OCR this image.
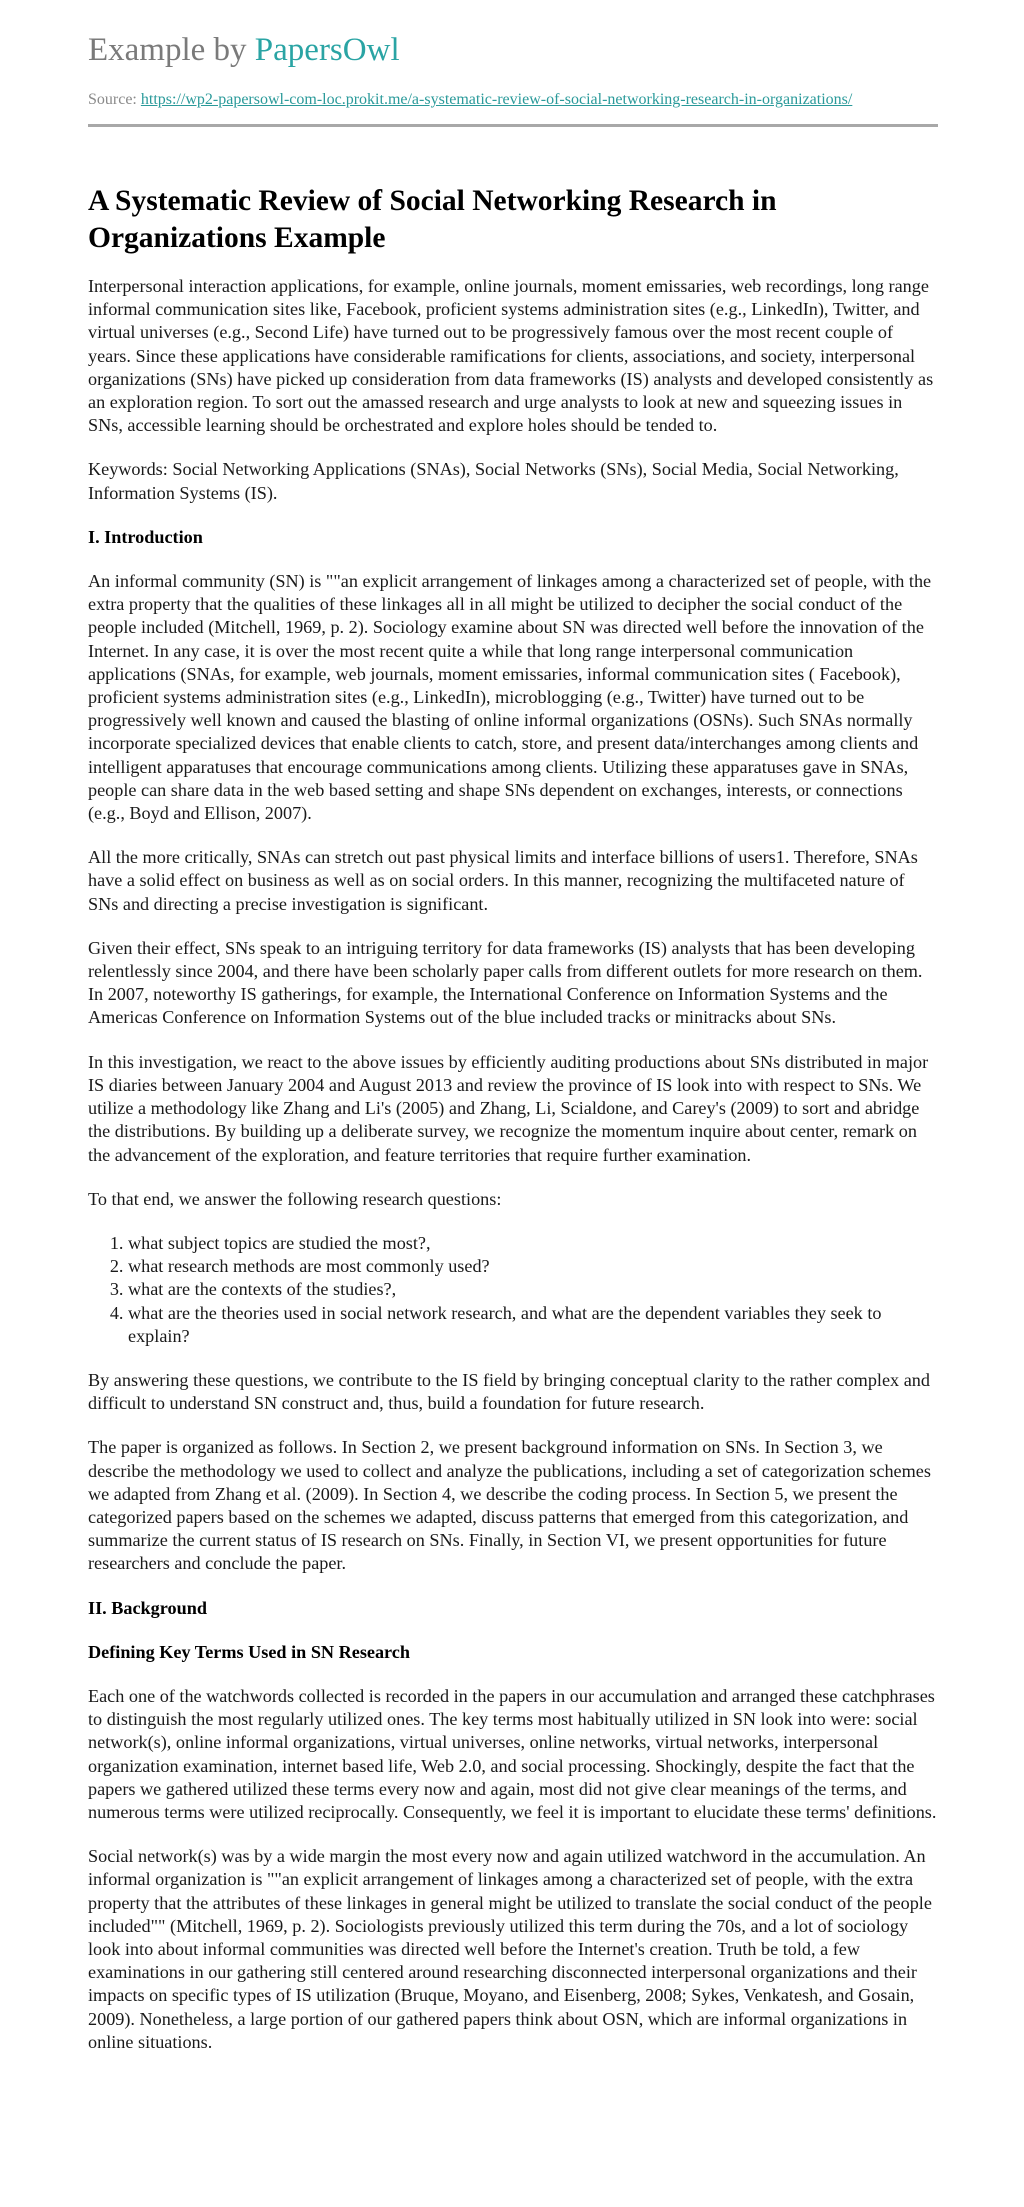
Example by PapersOwl
Source: https://wp2-papersowl-com-loc.prokit.me/a-systematic-review-of-social-networking-research-in-organizations/
A Systematic Review of Social Networking Research in Organizations Example

Interpersonal interaction applications, for example, online journals, moment emissaries, web recordings, long range informal communication sites like, Facebook, proficient systems administration sites (e.g., LinkedIn), Twitter, and virtual universes (e.g., Second Life) have turned out to be progressively famous over the most recent couple of years. Since these applications have considerable ramifications for clients, associations, and society, interpersonal organizations (SNs) have picked up consideration from data frameworks (IS) analysts and developed consistently as an exploration region. To sort out the amassed research and urge analysts to look at new and squeezing issues in SNs, accessible learning should be orchestrated and explore holes should be tended to.

Keywords: Social Networking Applications (SNAs), Social Networks (SNs), Social Media, Social Networking, Information Systems (IS).

I. Introduction

An informal community (SN) is ""an explicit arrangement of linkages among a characterized set of people, with the extra property that the qualities of these linkages all in all might be utilized to decipher the social conduct of the people included (Mitchell, 1969, p. 2). Sociology examine about SN was directed well before the innovation of the Internet. In any case, it is over the most recent quite a while that long range interpersonal communication applications (SNAs, for example, web journals, moment emissaries, informal communication sites ( Facebook), proficient systems administration sites (e.g., LinkedIn), microblogging (e.g., Twitter) have turned out to be progressively well known and caused the blasting of online informal organizations (OSNs). Such SNAs normally incorporate specialized devices that enable clients to catch, store, and present data/interchanges among clients and intelligent apparatuses that encourage communications among clients. Utilizing these apparatuses gave in SNAs, people can share data in the web based setting and shape SNs dependent on exchanges, interests, or connections (e.g., Boyd and Ellison, 2007).

All the more critically, SNAs can stretch out past physical limits and interface billions of users1. Therefore, SNAs have a solid effect on business as well as on social orders. In this manner, recognizing the multifaceted nature of SNs and directing a precise investigation is significant.

Given their effect, SNs speak to an intriguing territory for data frameworks (IS) analysts that has been developing relentlessly since 2004, and there have been scholarly paper calls from different outlets for more research on them. In 2007, noteworthy IS gatherings, for example, the International Conference on Information Systems and the Americas Conference on Information Systems out of the blue included tracks or minitracks about SNs.

In this investigation, we react to the above issues by efficiently auditing productions about SNs distributed in major IS diaries between January 2004 and August 2013 and review the province of IS look into with respect to SNs. We utilize a methodology like Zhang and Li's (2005) and Zhang, Li, Scialdone, and Carey's (2009) to sort and abridge the distributions. By building up a deliberate survey, we recognize the momentum inquire about center, remark on the advancement of the exploration, and feature territories that require further examination.

To that end, we answer the following research questions:

1. what subject topics are studied the most?,
2. what research methods are most commonly used?
3. what are the contexts of the studies?,
4. what are the theories used in social network research, and what are the dependent variables they seek to explain?

By answering these questions, we contribute to the IS field by bringing conceptual clarity to the rather complex and difficult to understand SN construct and, thus, build a foundation for future research.

The paper is organized as follows. In Section 2, we present background information on SNs. In Section 3, we describe the methodology we used to collect and analyze the publications, including a set of categorization schemes we adapted from Zhang et al. (2009). In Section 4, we describe the coding process. In Section 5, we present the categorized papers based on the schemes we adapted, discuss patterns that emerged from this categorization, and summarize the current status of IS research on SNs. Finally, in Section VI, we present opportunities for future researchers and conclude the paper.

II. Background
Defining Key Terms Used in SN Research

Each one of the watchwords collected is recorded in the papers in our accumulation and arranged these catchphrases to distinguish the most regularly utilized ones. The key terms most habitually utilized in SN look into were: social network(s), online informal organizations, virtual universes, online networks, virtual networks, interpersonal organization examination, internet based life, Web 2.0, and social processing. Shockingly, despite the fact that the papers we gathered utilized these terms every now and again, most did not give clear meanings of the terms, and numerous terms were utilized reciprocally. Consequently, we feel it is important to elucidate these terms' definitions.

Social network(s) was by a wide margin the most every now and again utilized watchword in the accumulation. An informal organization is ""an explicit arrangement of linkages among a characterized set of people, with the extra property that the attributes of these linkages in general might be utilized to translate the social conduct of the people included"" (Mitchell, 1969, p. 2). Sociologists previously utilized this term during the 70s, and a lot of sociology look into about informal communities was directed well before the Internet's creation. Truth be told, a few examinations in our gathering still centered around researching disconnected interpersonal organizations and their impacts on specific types of IS utilization (Bruque, Moyano, and Eisenberg, 2008; Sykes, Venkatesh, and Gosain, 2009). Nonetheless, a large portion of our gathered papers think about OSN, which are informal organizations in online situations.
